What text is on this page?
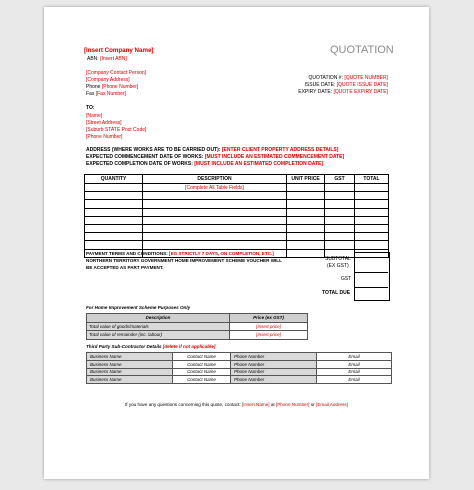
[Insert Company Name]
ABN: [Insert ABN]
QUOTATION
[Company Contact Person]
[Company Address]
Phone [Phone Number]
Fax [Fax Number]
QUOTATION #: [QUOTE NUMBER]
ISSUE DATE: [QUOTE ISSUE DATE]
EXPIRY DATE: [QUOTE EXPIRY DATE]
TO:
[Name]
[Street Address]
[Suburb STATE Post Code]
[Phone Number]
ADDRESS (WHERE WORKS ARE TO BE CARRIED OUT): [ENTER CLIENT PROPERTY ADDRESS DETAILS]
EXPECTED COMMENCEMENT DATE OF WORKS: [MUST INCLUDE AN ESTIMATED COMMENCEMENT DATE]
EXPECTED COMPLETION DATE OF WORKS: [MUST INCLUDE AN ESTIMATED COMPLETION DATE]
QUANTITY	DESCRIPTION	UNIT PRICE	GST	TOTAL
	[Complete All Table Fields]			

PAYMENT TERMS AND CONDITIONS: [EG STRICTLY 7 DAYS, ON COMPLETION, ETC.]
NORTHERN TERRITORY GOVERNMENT HOME IMPROVEMENT SCHEME VOUCHER WILL
BE ACCEPTED AS PART PAYMENT.
SUBTOTAL
(EX GST)
GST
TOTAL DUE
For Home Improvement Scheme Purposes Only
Description	Price (ex GST)
Total value of goods/materials	[Insert price]
Total value of remainder (inc. labour)	[Insert price]
Third Party Sub-Contractor Details [delete if not applicable]
Business Name	Contact Name	Phone Number	Email
Business Name	Contact Name	Phone Number	Email
Business Name	Contact Name	Phone Number	Email
Business Name	Contact Name	Phone Number	Email
If you have any questions concerning this quote, contact: [Insert Name] at [Phone Number] or [Email Address]
